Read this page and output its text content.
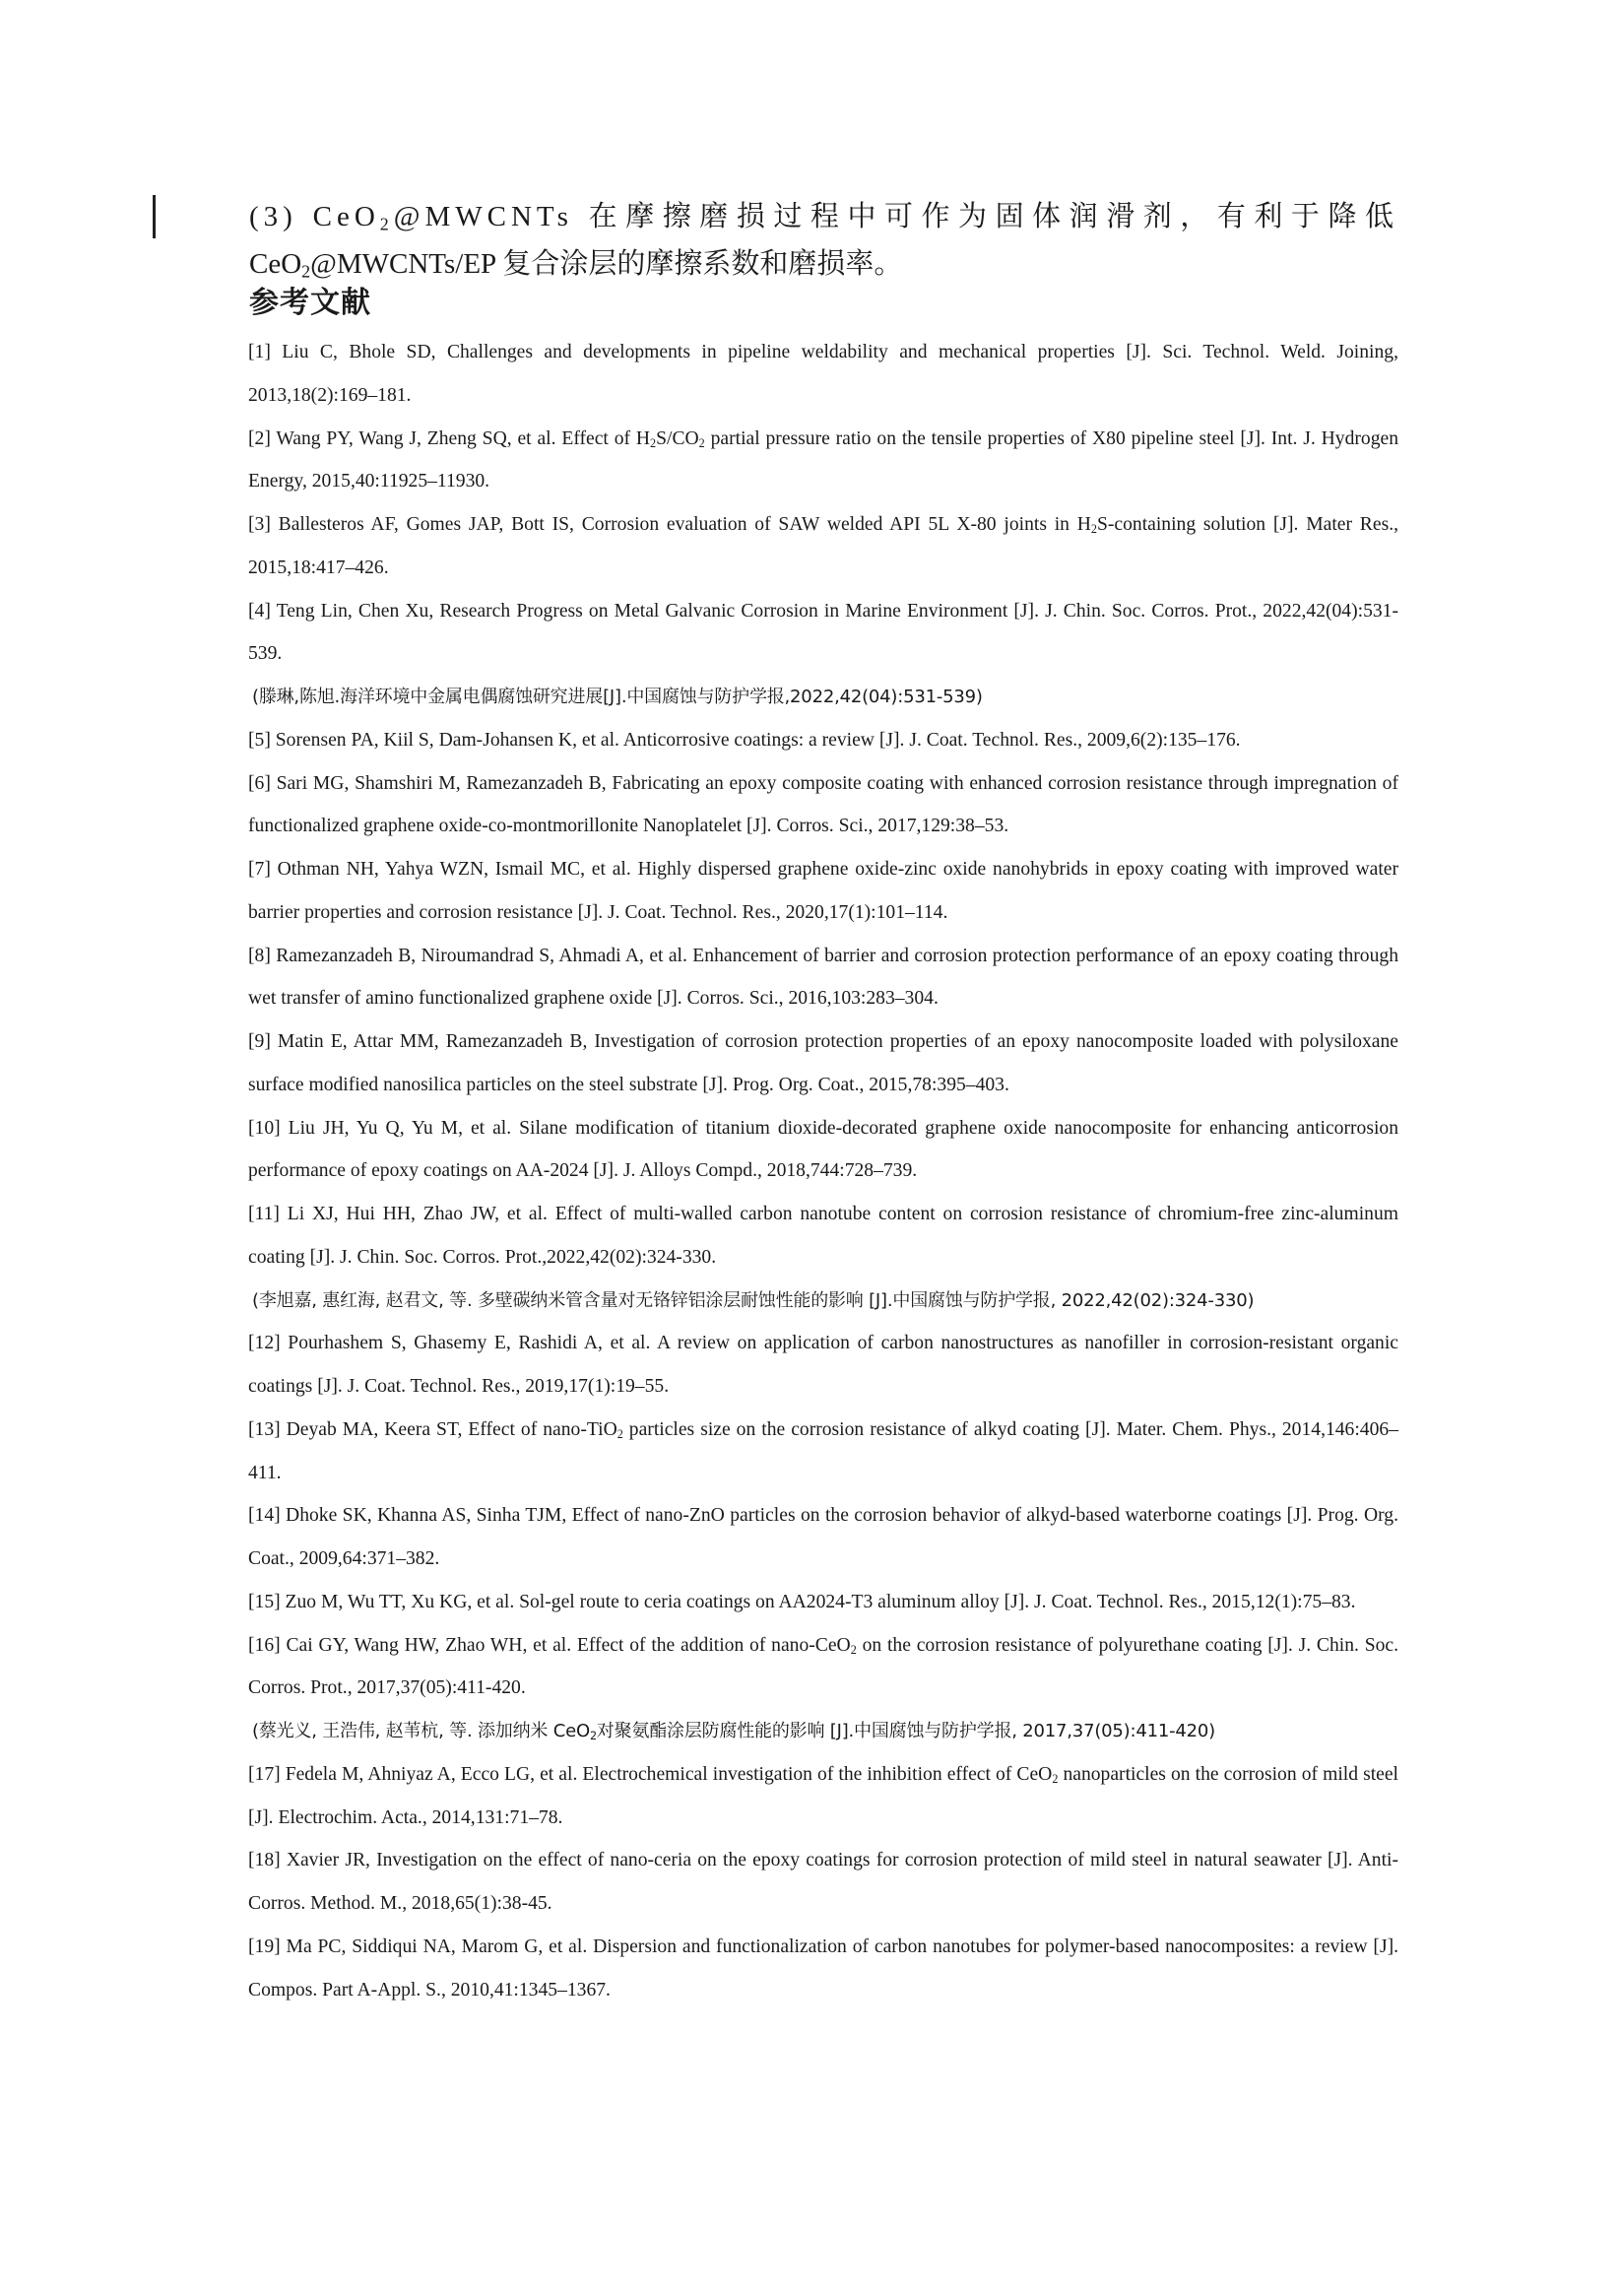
(3) CeO$_2$@MWCNTs 在摩擦磨损过程中可作为固体润滑剂，有利于降低
CeO$_2$@MWCNTs/EP 复合涂层的摩擦系数和磨损率。
参考文献
[1] Liu C, Bhole SD, Challenges and developments in pipeline weldability and mechanical properties [J]. Sci. Technol. Weld. Joining, 2013,18(2):169–181.
[2] Wang PY, Wang J, Zheng SQ, et al. Effect of $H_2S/CO_2$ partial pressure ratio on the tensile properties of X80 pipeline steel [J]. Int. J. Hydrogen Energy, 2015,40:11925–11930.
[3] Ballesteros AF, Gomes JAP, Bott IS, Corrosion evaluation of SAW welded API 5L X-80 joints in $H_2S$-containing solution [J]. Mater Res., 2015,18:417–426.
[4] Teng Lin, Chen Xu, Research Progress on Metal Galvanic Corrosion in Marine Environment [J]. J. Chin. Soc. Corros. Prot., 2022,42(04):531-539.
(滕琳,陈旭.海洋环境中金属电偶腐蚀研究进展[J].中国腐蚀与防护学报,2022,42(04):531-539)
[5] Sorensen PA, Kiil S, Dam-Johansen K, et al. Anticorrosive coatings: a review [J]. J. Coat. Technol. Res., 2009,6(2):135–176.
[6] Sari MG, Shamshiri M, Ramezanzadeh B, Fabricating an epoxy composite coating with enhanced corrosion resistance through impregnation of functionalized graphene oxide-co-montmorillonite Nanoplatelet [J]. Corros. Sci., 2017,129:38–53.
[7] Othman NH, Yahya WZN, Ismail MC, et al. Highly dispersed graphene oxide-zinc oxide nanohybrids in epoxy coating with improved water barrier properties and corrosion resistance [J]. J. Coat. Technol. Res., 2020,17(1):101–114.
[8] Ramezanzadeh B, Niroumandrad S, Ahmadi A, et al. Enhancement of barrier and corrosion protection performance of an epoxy coating through wet transfer of amino functionalized graphene oxide [J]. Corros. Sci., 2016,103:283–304.
[9] Matin E, Attar MM, Ramezanzadeh B, Investigation of corrosion protection properties of an epoxy nanocomposite loaded with polysiloxane surface modified nanosilica particles on the steel substrate [J]. Prog. Org. Coat., 2015,78:395–403.
[10] Liu JH, Yu Q, Yu M, et al. Silane modification of titanium dioxide-decorated graphene oxide nanocomposite for enhancing anticorrosion performance of epoxy coatings on AA-2024 [J]. J. Alloys Compd., 2018,744:728–739.
[11] Li XJ, Hui HH, Zhao JW, et al. Effect of multi-walled carbon nanotube content on corrosion resistance of chromium-free zinc-aluminum coating [J]. J. Chin. Soc. Corros. Prot.,2022,42(02):324-330.
(李旭嘉, 惠红海, 赵君文, 等. 多壁碳纳米管含量对无铬锌铝涂层耐蚀性能的影响 [J].中国腐蚀与防护学报, 2022,42(02):324-330)
[12] Pourhashem S, Ghasemy E, Rashidi A, et al. A review on application of carbon nanostructures as nanofiller in corrosion-resistant organic coatings [J]. J. Coat. Technol. Res., 2019,17(1):19–55.
[13] Deyab MA, Keera ST, Effect of nano-TiO$_2$ particles size on the corrosion resistance of alkyd coating [J]. Mater. Chem. Phys., 2014,146:406–411.
[14] Dhoke SK, Khanna AS, Sinha TJM, Effect of nano-ZnO particles on the corrosion behavior of alkyd-based waterborne coatings [J]. Prog. Org. Coat., 2009,64:371–382.
[15] Zuo M, Wu TT, Xu KG, et al. Sol-gel route to ceria coatings on AA2024-T3 aluminum alloy [J]. J. Coat. Technol. Res., 2015,12(1):75–83.
[16] Cai GY, Wang HW, Zhao WH, et al. Effect of the addition of nano-CeO$_2$ on the corrosion resistance of polyurethane coating [J]. J. Chin. Soc. Corros. Prot., 2017,37(05):411-420.
(蔡光义, 王浩伟, 赵苇杭, 等. 添加纳米 CeO$_2$对聚氨酯涂层防腐性能的影响 [J].中国腐蚀与防护学报, 2017,37(05):411-420)
[17] Fedela M, Ahniyaz A, Ecco LG, et al. Electrochemical investigation of the inhibition effect of CeO$_2$ nanoparticles on the corrosion of mild steel [J]. Electrochim. Acta., 2014,131:71–78.
[18] Xavier JR, Investigation on the effect of nano-ceria on the epoxy coatings for corrosion protection of mild steel in natural seawater [J]. Anti-Corros. Method. M., 2018,65(1):38-45.
[19] Ma PC, Siddiqui NA, Marom G, et al. Dispersion and functionalization of carbon nanotubes for polymer-based nanocomposites: a review [J]. Compos. Part A-Appl. S., 2010,41:1345–1367.
